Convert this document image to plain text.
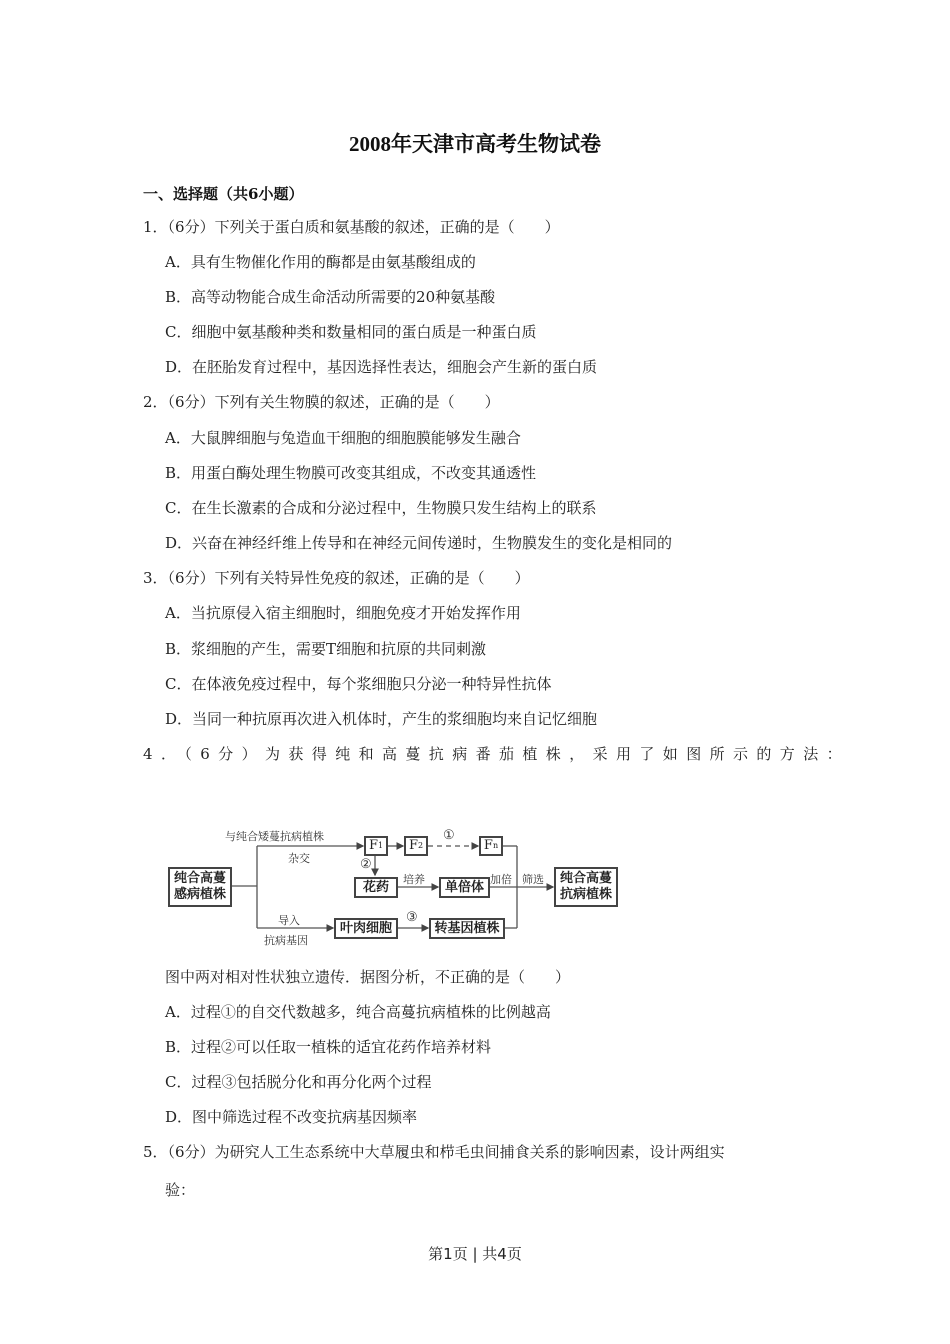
2008年天津市高考生物试卷
一、选择题（共6小题）
1．（6分）下列关于蛋白质和氨基酸的叙述，正确的是（　　）
A．具有生物催化作用的酶都是由氨基酸组成的
B．高等动物能合成生命活动所需要的20种氨基酸
C．细胞中氨基酸种类和数量相同的蛋白质是一种蛋白质
D．在胚胎发育过程中，基因选择性表达，细胞会产生新的蛋白质
2．（6分）下列有关生物膜的叙述，正确的是（　　）
A．大鼠脾细胞与兔造血干细胞的细胞膜能够发生融合
B．用蛋白酶处理生物膜可改变其组成，不改变其通透性
C．在生长激素的合成和分泌过程中，生物膜只发生结构上的联系
D．兴奋在神经纤维上传导和在神经元间传递时，生物膜发生的变化是相同的
3．（6分）下列有关特异性免疫的叙述，正确的是（　　）
A．当抗原侵入宿主细胞时，细胞免疫才开始发挥作用
B．浆细胞的产生，需要T细胞和抗原的共同刺激
C．在体液免疫过程中，每个浆细胞只分泌一种特异性抗体
D．当同一种抗原再次进入机体时，产生的浆细胞均来自记忆细胞
4．（6分）为获得纯和高蔓抗病番茄植株，采用了如图所示的方法：
纯合高蔓感病植株
与纯合矮蔓抗病植株
杂交
F 1 F 2
①
F n
②
花药	培养	单倍体 加倍 筛选 纯合高蔓抗病植株
导入
抗病基因
叶肉细胞
③
转基因植株
图中两对相对性状独立遗传．据图分析，不正确的是（　　）
A．过程①的自交代数越多，纯合高蔓抗病植株的比例越高
B．过程②可以任取一植株的适宜花药作培养材料
C．过程③包括脱分化和再分化两个过程
D．图中筛选过程不改变抗病基因频率
5．（6分）为研究人工生态系统中大草履虫和栉毛虫间捕食关系的影响因素，设计两组实
验：
第1页 | 共4页
